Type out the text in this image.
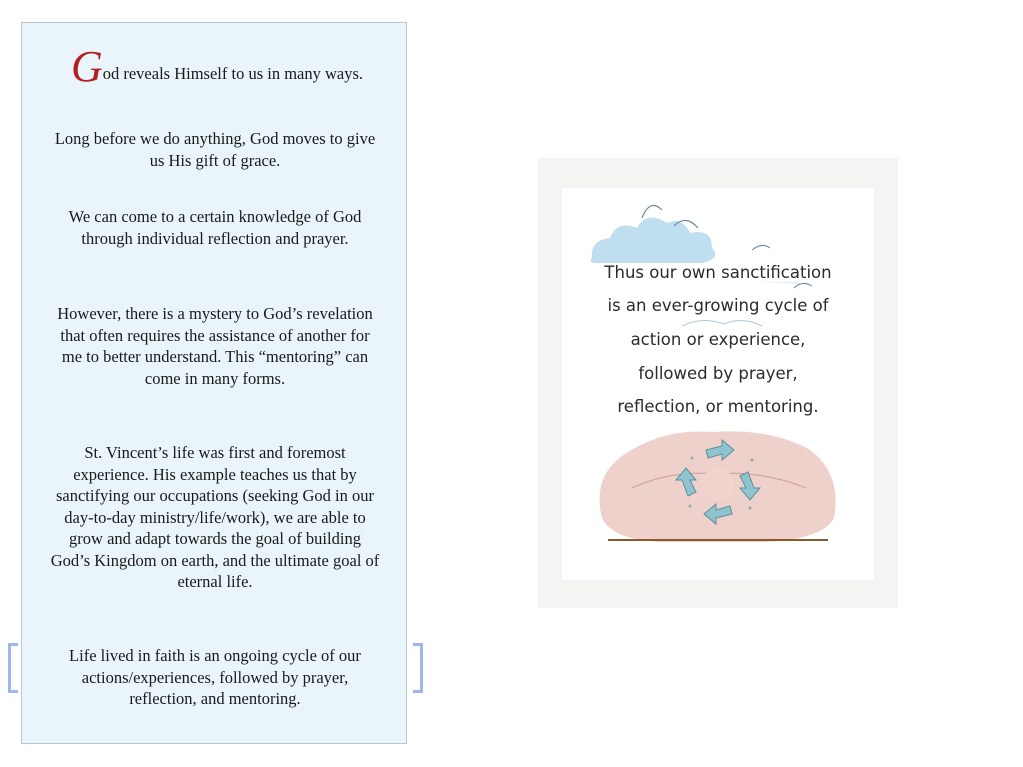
God reveals Himself to us in many ways.

Long before we do anything, God moves to give us His gift of grace.

We can come to a certain knowledge of God through individual reflection and prayer.

However, there is a mystery to God’s revelation that often requires the assistance of another for me to better understand. This “mentoring” can come in many forms.

St. Vincent’s life was first and foremost experience. His example teaches us that by sanctifying our occupations (seeking God in our day-to-day ministry/life/work), we are able to grow and adapt towards the goal of building God’s Kingdom on earth, and the ultimate goal of eternal life.

Life lived in faith is an ongoing cycle of our actions/experiences, followed by prayer, reflection, and mentoring.

Thus our own sanctification
is an ever-growing cycle of
action or experience,
followed by prayer,
reflection, or mentoring.
